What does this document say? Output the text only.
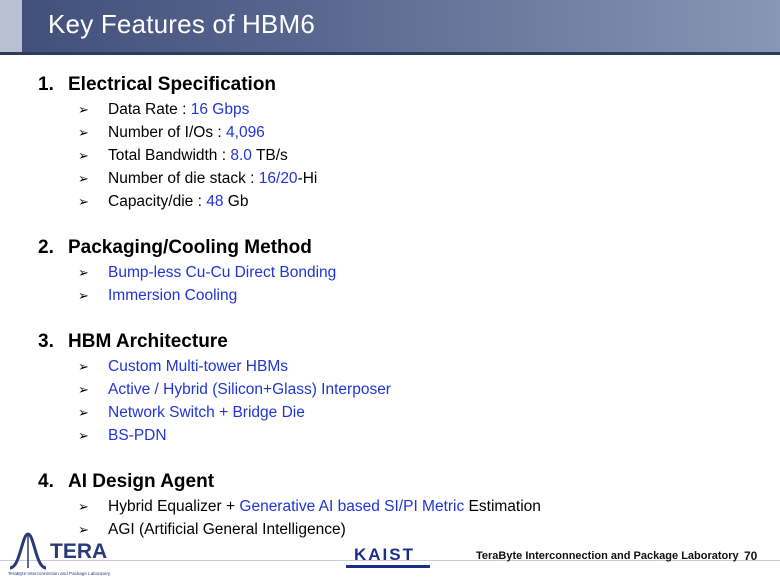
Key Features of HBM6
1. Electrical Specification
➢	Data Rate : 16 Gbps
➢	Number of I/Os : 4,096
➢	Total Bandwidth : 8.0 TB/s
➢	Number of die stack : 16/20-Hi
➢	Capacity/die : 48 Gb
2. Packaging/Cooling Method
➢	Bump-less Cu-Cu Direct Bonding
➢	Immersion Cooling
3. HBM Architecture
➢	Custom Multi-tower HBMs
➢	Active / Hybrid (Silicon+Glass) Interposer
➢	Network Switch + Bridge Die
➢	BS-PDN
4. AI Design Agent
➢	Hybrid Equalizer + Generative AI based SI/PI Metric Estimation
➢	AGI (Artificial General Intelligence)
TERA
TeraByte Interconnection and Package Laboratory
KAIST	TeraByte Interconnection and Package Laboratory 70
